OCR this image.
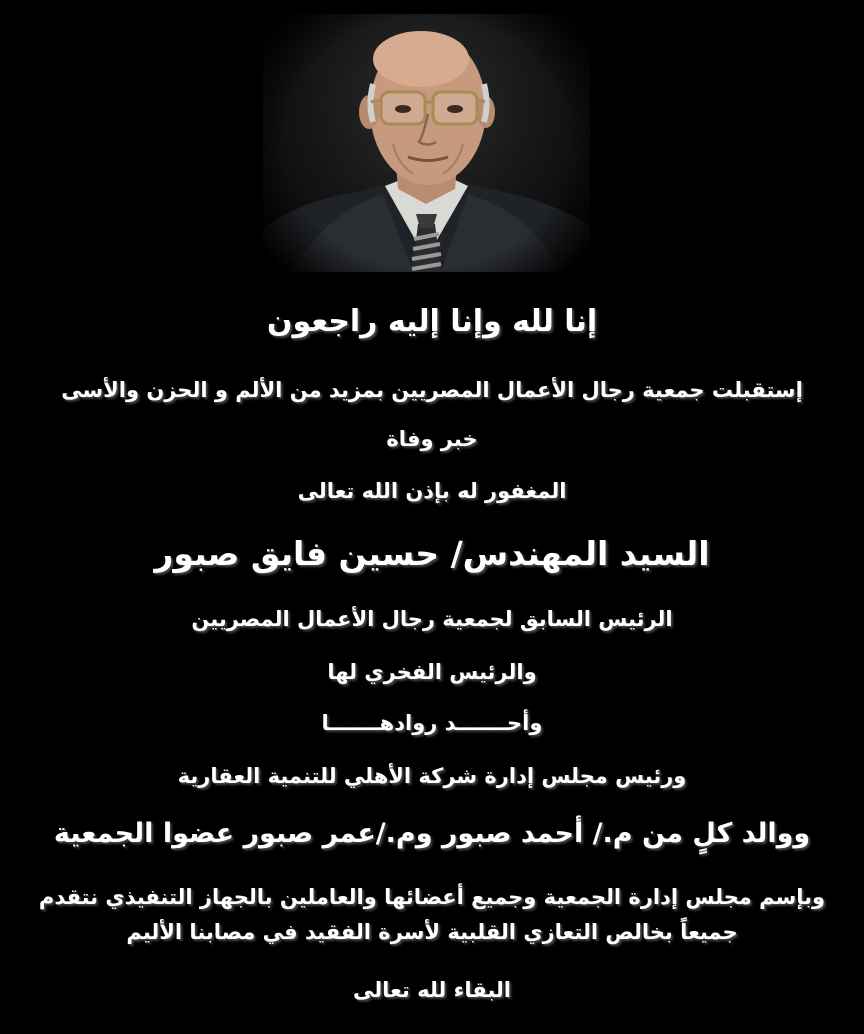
إنا لله وإنا إليه راجعون
إستقبلت جمعية رجال الأعمال المصريين بمزيد من الألم و الحزن والأسى
خبر وفاة
المغفور له بإذن الله تعالى
السيد المهندس/ حسين فايق صبور
الرئيس السابق لجمعية رجال الأعمال المصريين
والرئيس الفخري لها
وأحـــــــد روادهـــــــا
ورئيس مجلس إدارة شركة الأهلي للتنمية العقارية
ووالد كلٍ من م./ أحمد صبور وم./عمر صبور عضوا الجمعية
وبإسم مجلس إدارة الجمعية وجميع أعضائها والعاملين بالجهاز التنفيذي نتقدم
جميعاً بخالص التعازي القلبية لأسرة الفقيد في مصابنا الأليم
البقاء لله تعالى
